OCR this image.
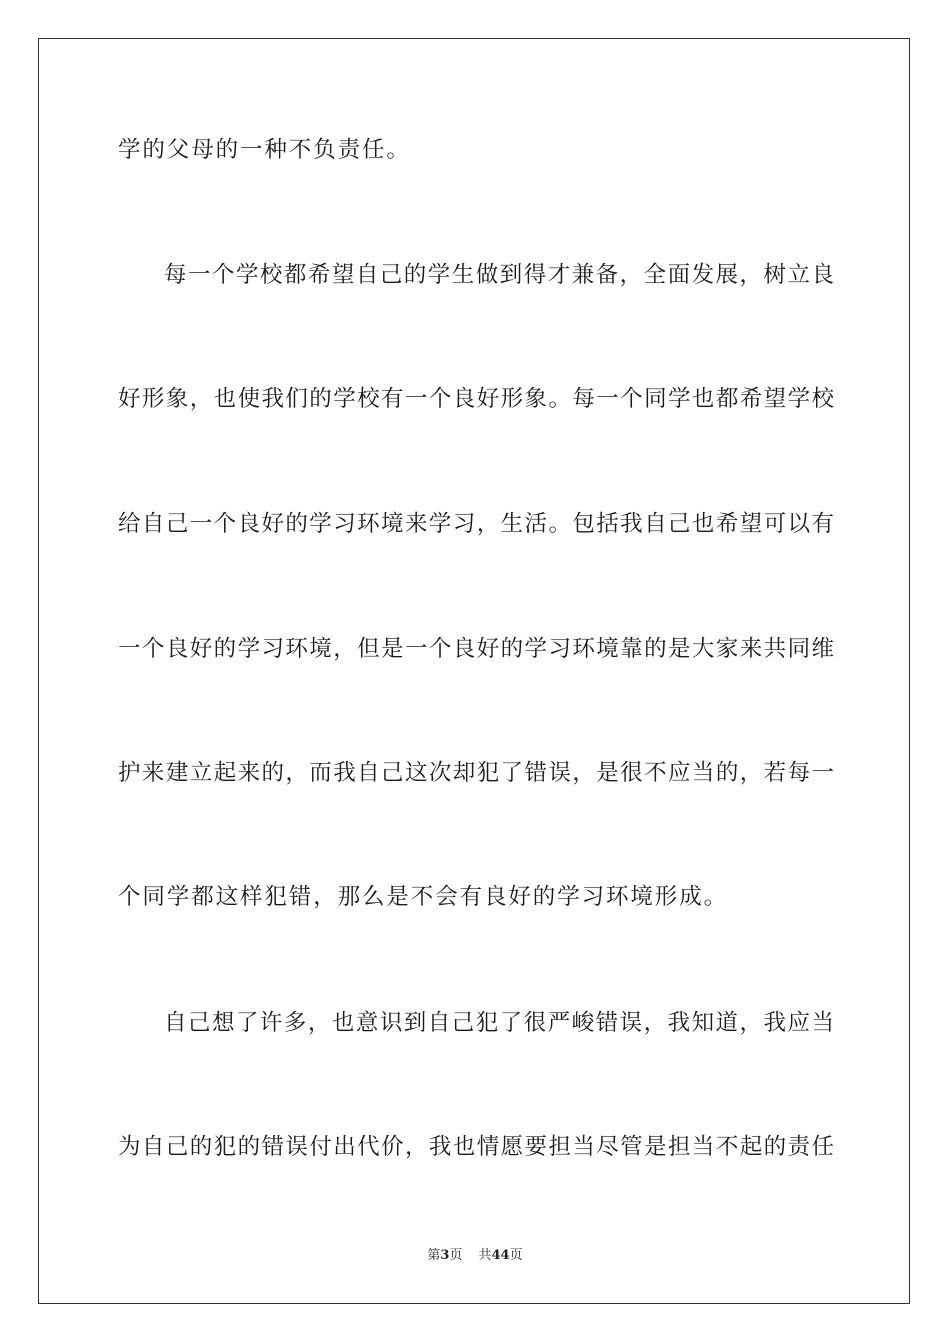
学的父母的一种不负责任。
每一个学校都希望自己的学生做到得才兼备，全面发展，树立良
好形象，也使我们的学校有一个良好形象。每一个同学也都希望学校
给自己一个良好的学习环境来学习，生活。包括我自己也希望可以有
一个良好的学习环境，但是一个良好的学习环境靠的是大家来共同维
护来建立起来的，而我自己这次却犯了错误，是很不应当的，若每一
个同学都这样犯错，那么是不会有良好的学习环境形成。
自己想了许多，也意识到自己犯了很严峻错误，我知道，我应当
为自己的犯的错误付出代价，我也情愿要担当尽管是担当不起的责任
第3页 共44页
